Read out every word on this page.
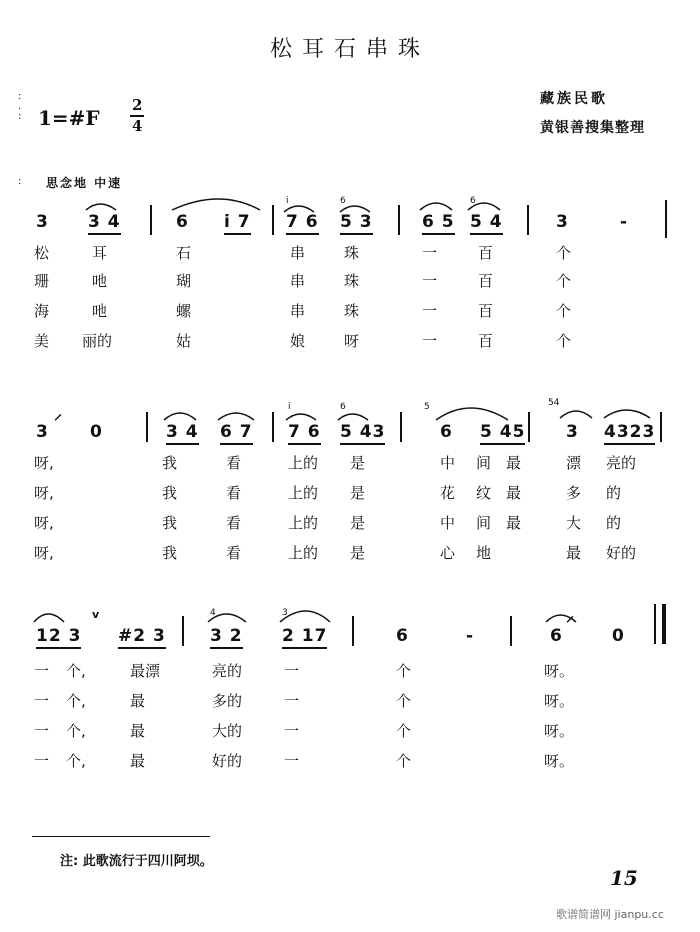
松耳石串珠
藏族民歌
黄银善搜集整理
1=#F
2
4
:
.
:
思念地 中速
:
3 3 4	6 i 7 7 6 5 3	6 5 5 4	3	-
i	6	6
松	耳	石	串	珠	一	百	个
珊	吔	瑚	串	珠	一	百	个
海	吔	螺	串	珠	一	百	个
美 丽的	姑	娘	呀	一	百	个
3 0	3 4 6 7 7 6 5 43	6 5 45 3 4323
i	6	5	54
呀,	我	看	上的 是	中 间 最	漂 亮的
呀,	我	看	上的 是	花 纹 最	多 的
呀,	我	看	上的 是	中 间 最	大 的
呀,	我	看	上的 是	心 地	最 好的
12 3 #2 3	3 2 2 17	6	-	6	0
4	3
一 个,	最漂	亮的	一	个	呀。
一 个,	最	多的	一	个	呀。
一 个,	最	大的	一	个	呀。
一 个,	最	好的	一	个	呀。
⸝
v	⸝
注: 此歌流行于四川阿坝。
15
歌谱简谱网 jianpu.cc
